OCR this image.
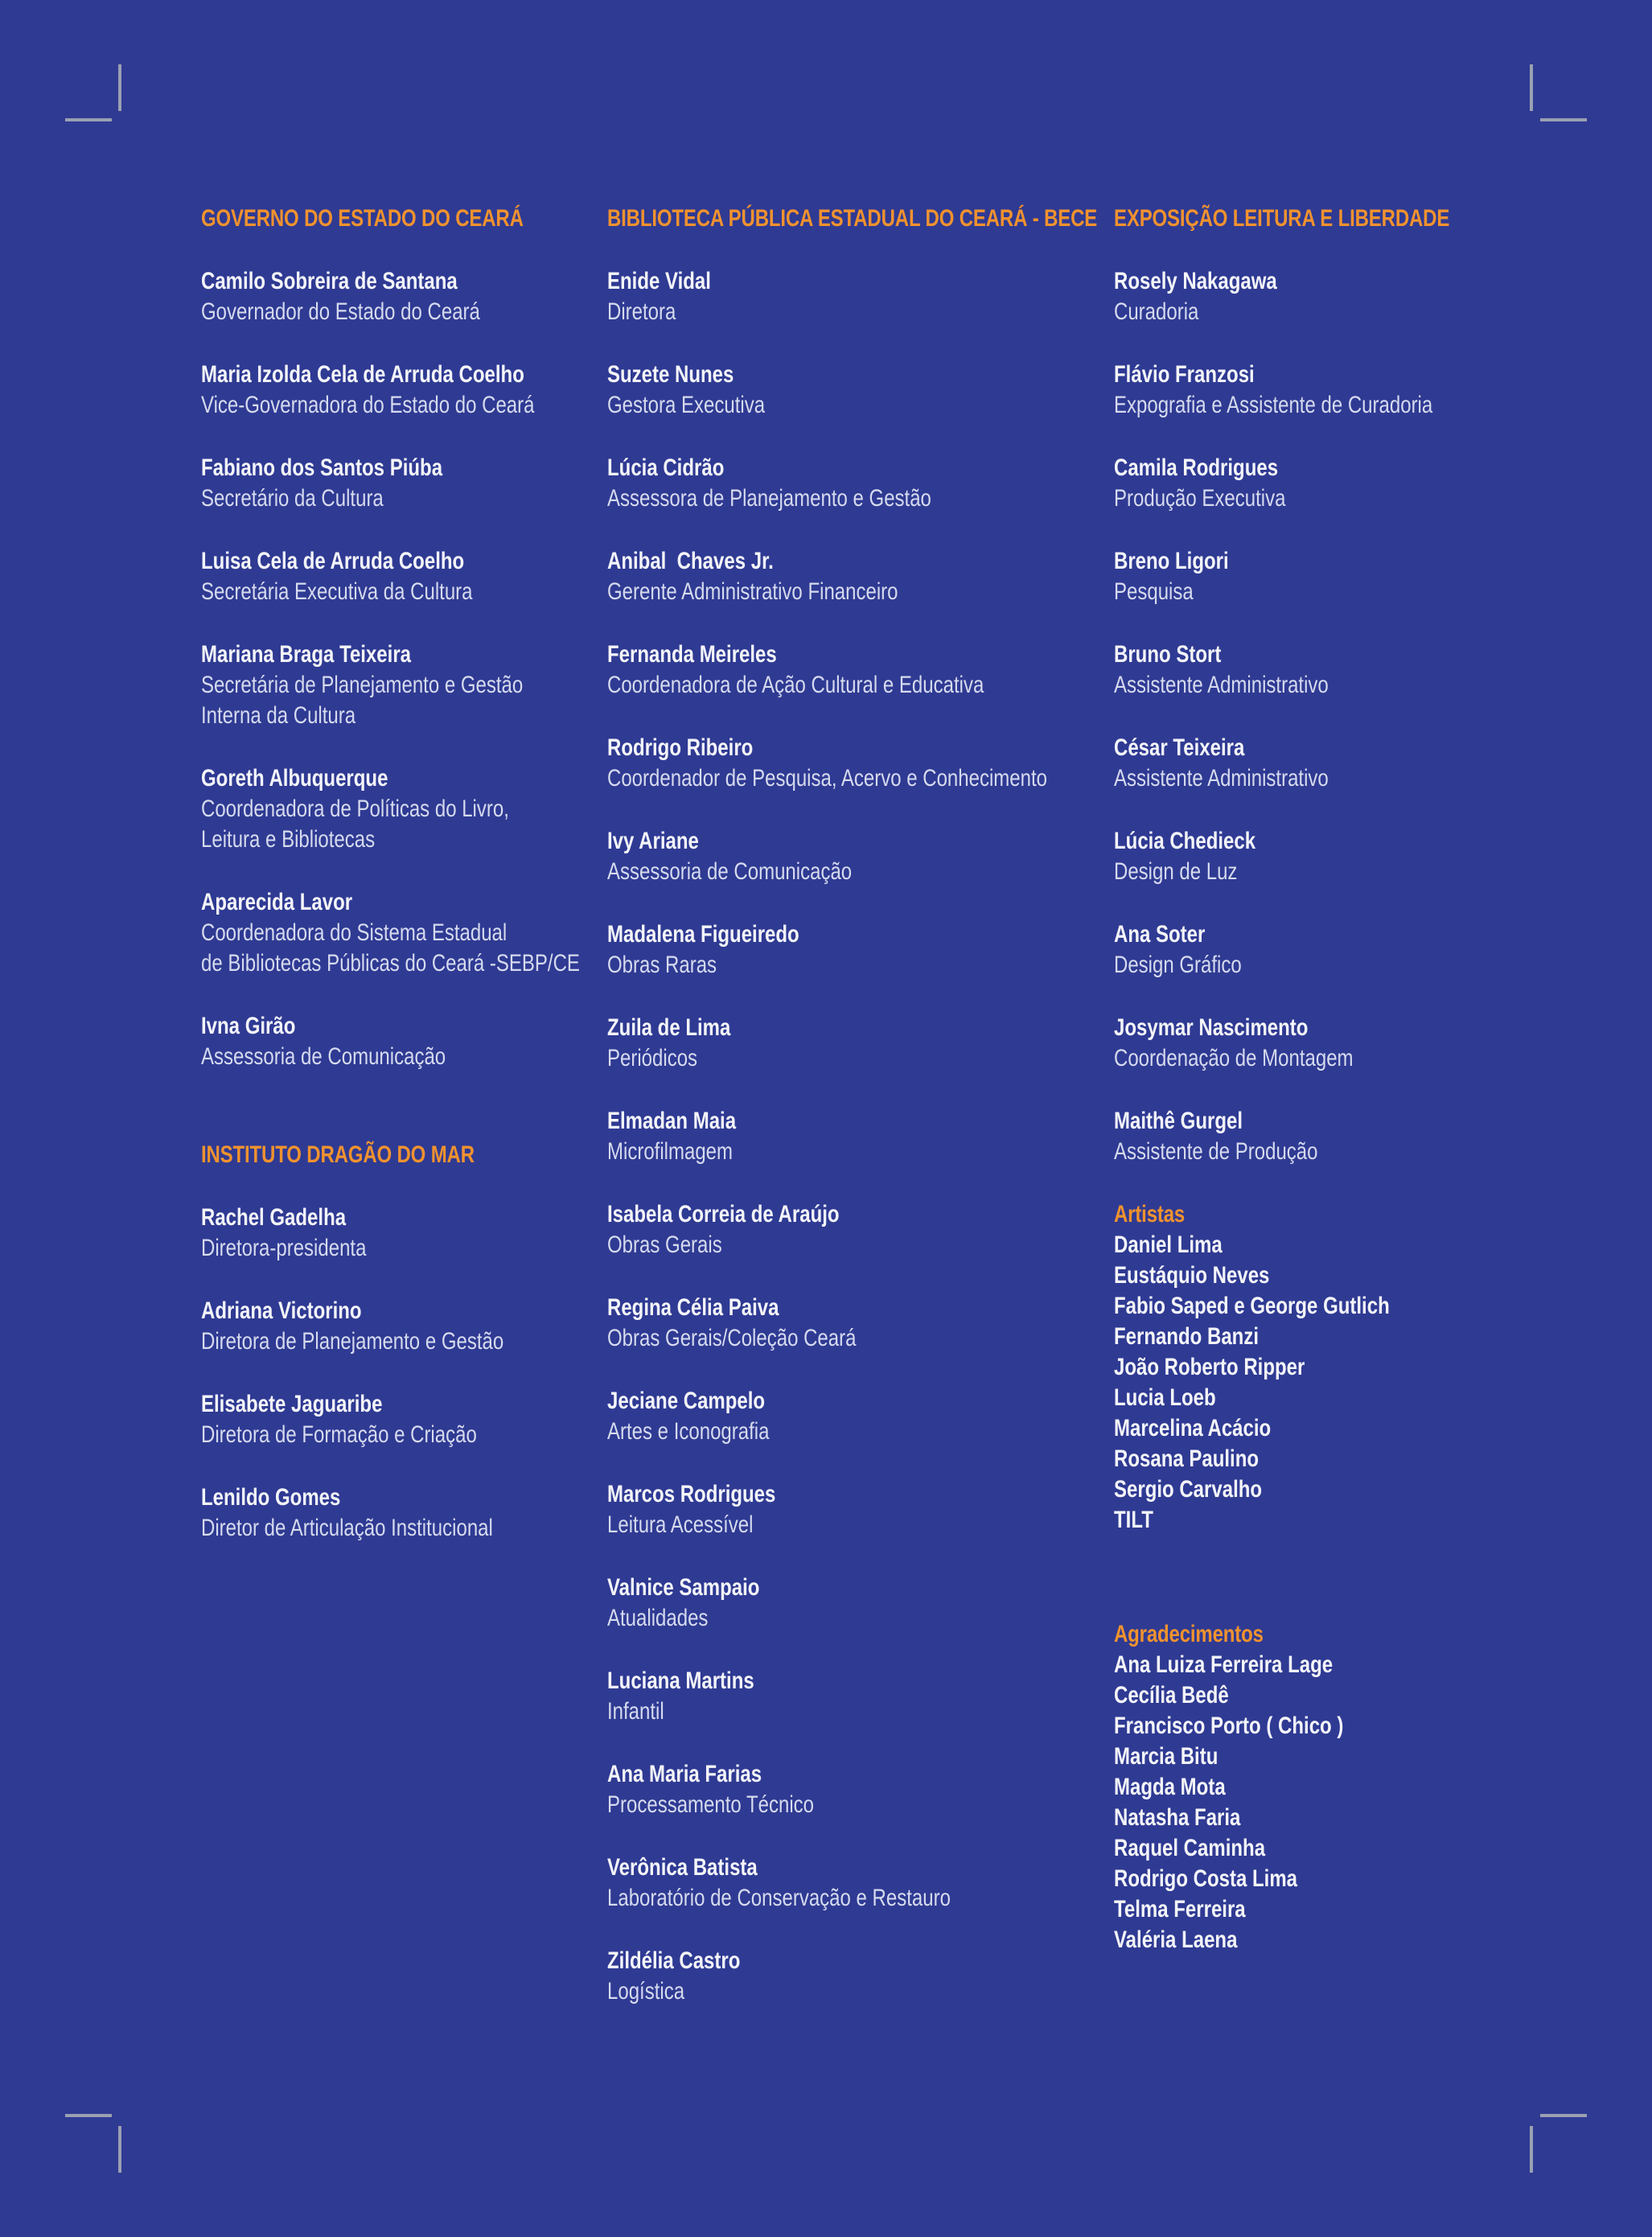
GOVERNO DO ESTADO DO CEARÁ
Camilo Sobreira de Santana
Governador do Estado do Ceará
Maria Izolda Cela de Arruda Coelho
Vice-Governadora do Estado do Ceará
Fabiano dos Santos Piúba
Secretário da Cultura
Luisa Cela de Arruda Coelho
Secretária Executiva da Cultura
Mariana Braga Teixeira
Secretária de Planejamento e Gestão
Interna da Cultura
Goreth Albuquerque
Coordenadora de Políticas do Livro,
Leitura e Bibliotecas
Aparecida Lavor
Coordenadora do Sistema Estadual
de Bibliotecas Públicas do Ceará -SEBP/CE
Ivna Girão
Assessoria de Comunicação
INSTITUTO DRAGÃO DO MAR
Rachel Gadelha
Diretora-presidenta
Adriana Victorino
Diretora de Planejamento e Gestão
Elisabete Jaguaribe
Diretora de Formação e Criação
Lenildo Gomes
Diretor de Articulação Institucional
BIBLIOTECA PÚBLICA ESTADUAL DO CEARÁ - BECE
Enide Vidal
Diretora
Suzete Nunes
Gestora Executiva
Lúcia Cidrão
Assessora de Planejamento e Gestão
Anibal  Chaves Jr.
Gerente Administrativo Financeiro
Fernanda Meireles
Coordenadora de Ação Cultural e Educativa
Rodrigo Ribeiro
Coordenador de Pesquisa, Acervo e Conhecimento
Ivy Ariane
Assessoria de Comunicação
Madalena Figueiredo
Obras Raras
Zuila de Lima
Periódicos
Elmadan Maia
Microfilmagem
Isabela Correia de Araújo
Obras Gerais
Regina Célia Paiva
Obras Gerais/Coleção Ceará
Jeciane Campelo
Artes e Iconografia
Marcos Rodrigues
Leitura Acessível
Valnice Sampaio
Atualidades
Luciana Martins
Infantil
Ana Maria Farias
Processamento Técnico
Verônica Batista
Laboratório de Conservação e Restauro
Zildélia Castro
Logística
EXPOSIÇÃO LEITURA E LIBERDADE
Rosely Nakagawa
Curadoria
Flávio Franzosi
Expografia e Assistente de Curadoria
Camila Rodrigues
Produção Executiva
Breno Ligori
Pesquisa
Bruno Stort
Assistente Administrativo
César Teixeira
Assistente Administrativo
Lúcia Chedieck
Design de Luz
Ana Soter
Design Gráfico
Josymar Nascimento
Coordenação de Montagem
Maithê Gurgel
Assistente de Produção
Artistas
Daniel Lima
Eustáquio Neves
Fabio Saped e George Gutlich
Fernando Banzi
João Roberto Ripper
Lucia Loeb
Marcelina Acácio
Rosana Paulino
Sergio Carvalho
TILT
Agradecimentos
Ana Luiza Ferreira Lage
Cecília Bedê
Francisco Porto ( Chico )
Marcia Bitu
Magda Mota
Natasha Faria
Raquel Caminha
Rodrigo Costa Lima
Telma Ferreira
Valéria Laena
